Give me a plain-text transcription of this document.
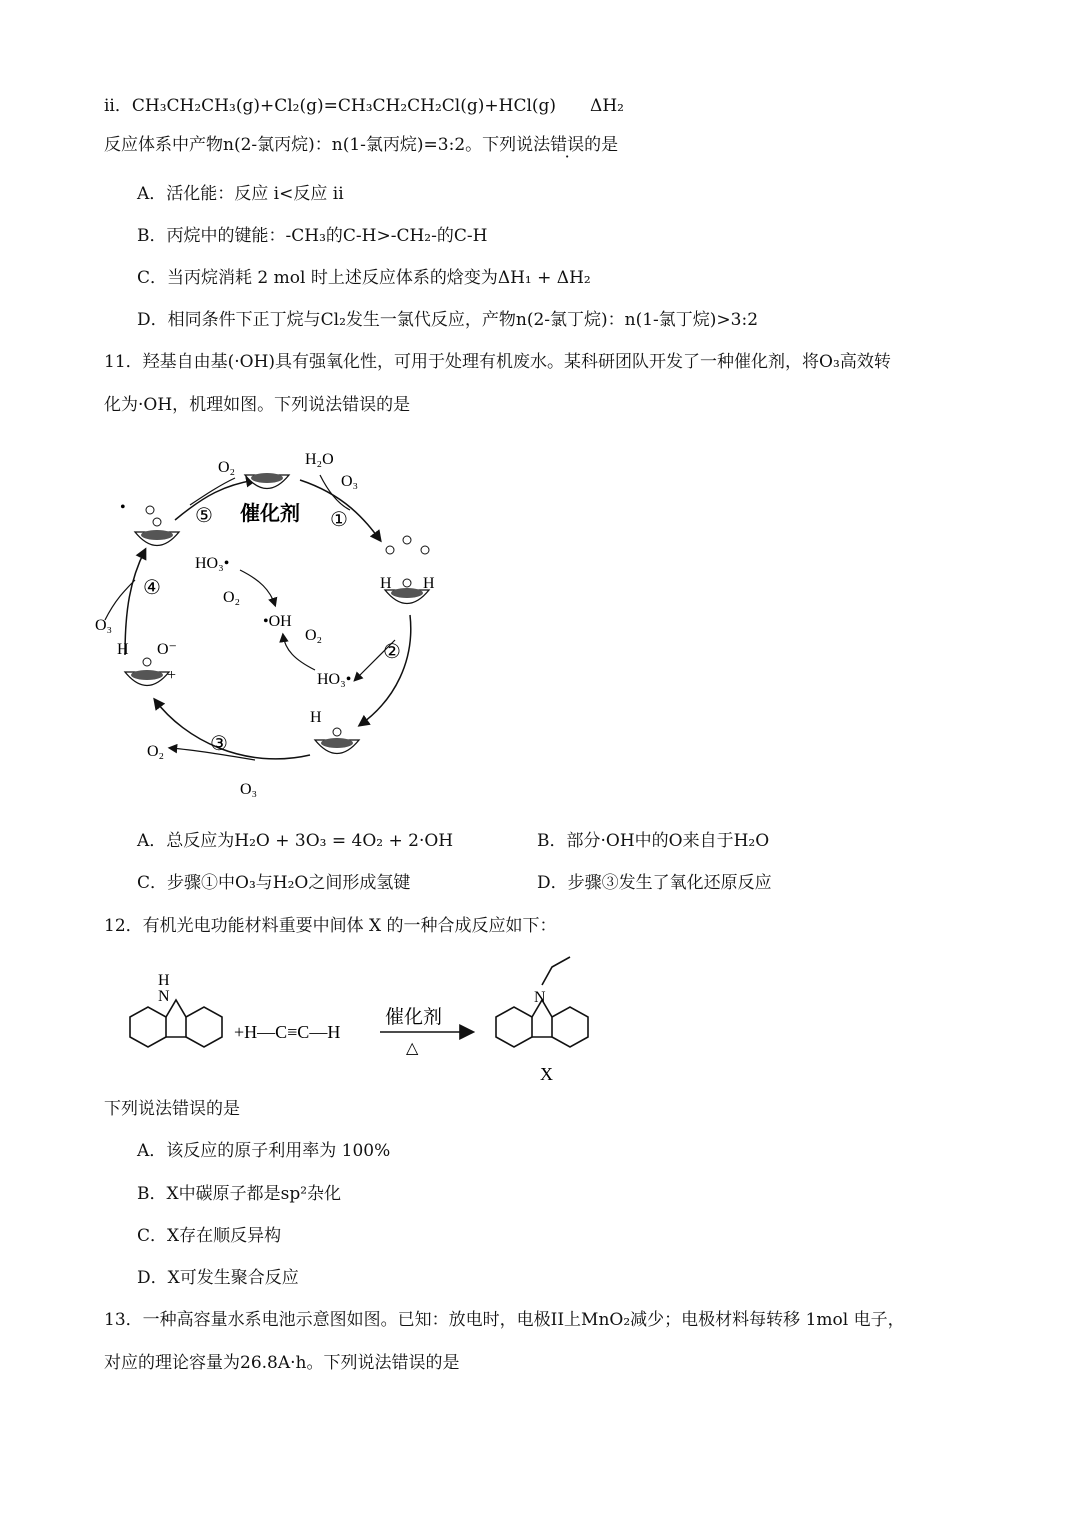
ii．CH₃CH₂CH₃(g)+Cl₂(g)=CH₃CH₂CH₂Cl(g)+HCl(g)　　ΔH₂
反应体系中产物n(2-氯丙烷)：n(1-氯丙烷)=3:2。下列说法错误的是
A．活化能：反应 i<反应 ii
B．丙烷中的键能：-CH₃的C-H>-CH₂-的C-H
C．当丙烷消耗 2 mol 时上述反应体系的焓变为ΔH₁ + ΔH₂
D．相同条件下正丁烷与Cl₂发生一氯代反应，产物n(2-氯丁烷)：n(1-氯丁烷)>3:2
11．羟基自由基(·OH)具有强氧化性，可用于处理有机废水。某科研团队开发了一种催化剂，将O₃高效转
化为·OH，机理如图。下列说法错误的是
催化剂
O₂	H₂O
O₃
⑤	①
④
②
③
•
H H
HO₃•
O₂
•OH
O₂
HO₃•
H
O₃
H O⁻
+
O₂
O₃
A．总反应为H₂O + 3O₃ = 4O₂ + 2·OH	B．部分·OH中的O来自于H₂O
C．步骤①中O₃与H₂O之间形成氢键	D．步骤③发生了氧化还原反应
12．有机光电功能材料重要中间体 X 的一种合成反应如下：
H
N
+H—C≡C—H
催化剂
△
N
X
下列说法错误的是
A．该反应的原子利用率为 100%
B．X中碳原子都是sp²杂化
C．X存在顺反异构
D．X可发生聚合反应
13．一种高容量水系电池示意图如图。已知：放电时，电极II上MnO₂减少；电极材料每转移 1mol 电子，
对应的理论容量为26.8A·h。下列说法错误的是
